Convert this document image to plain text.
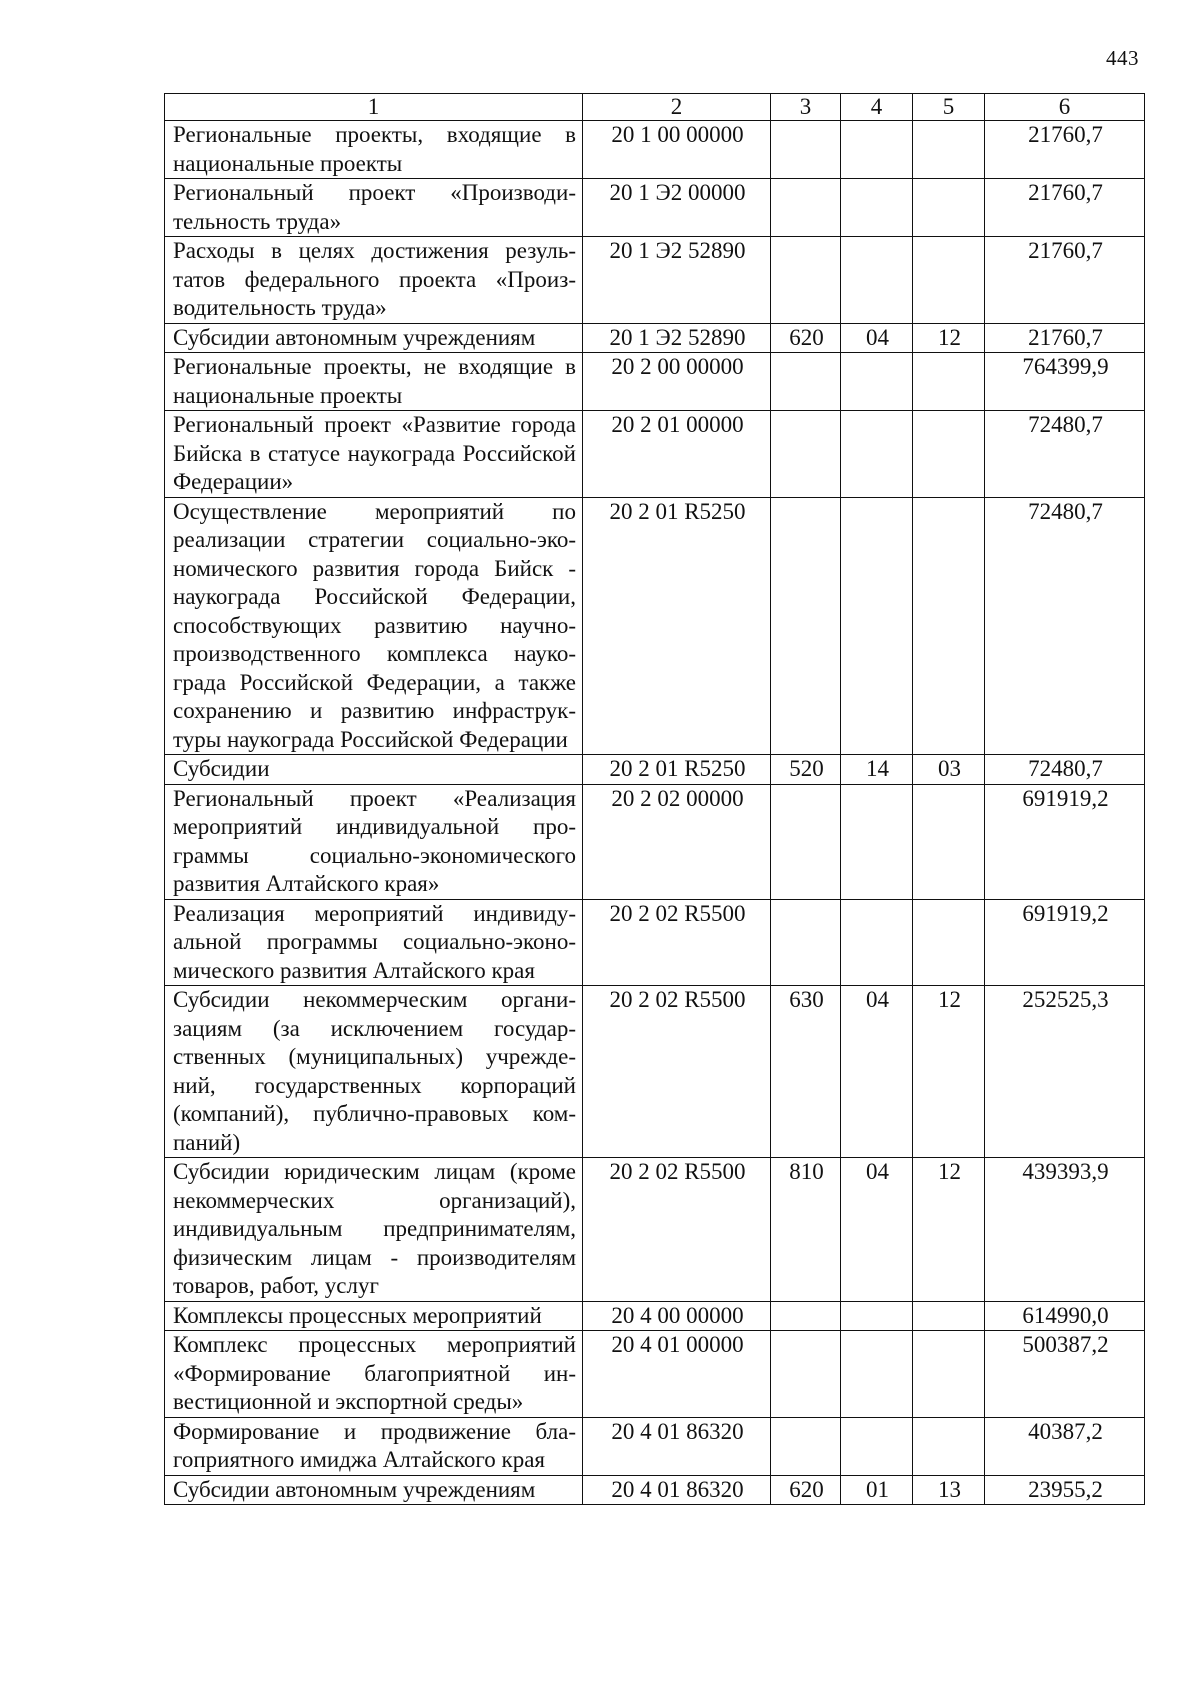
443
1	2	3	4	5	6
Региональные проекты, входящие в национальные проекты	20 1 00 00000				21760,7
Региональный проект «Производительность труда»	20 1 Э2 00000				21760,7
Расходы в целях достижения результатов федерального проекта «Производительность труда»	20 1 Э2 52890				21760,7
Субсидии автономным учреждениям	20 1 Э2 52890	620	04	12	21760,7
Региональные проекты, не входящие в национальные проекты	20 2 00 00000				764399,9
Региональный проект «Развитие города Бийска в статусе наукограда Российской Федерации»	20 2 01 00000				72480,7
Осуществление мероприятий по реализации стратегии социально-экономического развития города Бийск - наукограда Российской Федерации, способствующих развитию научно-производственного комплекса наукограда Российской Федерации, а также сохранению и развитию инфраструктуры наукограда Российской Федерации	20 2 01 R5250				72480,7
Субсидии	20 2 01 R5250	520	14	03	72480,7
Региональный проект «Реализация мероприятий индивидуальной программы социально-экономического развития Алтайского края»	20 2 02 00000				691919,2
Реализация мероприятий индивидуальной программы социально-экономического развития Алтайского края	20 2 02 R5500				691919,2
Субсидии некоммерческим организациям (за исключением государственных (муниципальных) учреждений, государственных корпораций (компаний), публично-правовых компаний)	20 2 02 R5500	630	04	12	252525,3
Субсидии юридическим лицам (кроме некоммерческих организаций), индивидуальным предпринимателям, физическим лицам - производителям товаров, работ, услуг	20 2 02 R5500	810	04	12	439393,9
Комплексы процессных мероприятий	20 4 00 00000				614990,0
Комплекс процессных мероприятий «Формирование благоприятной инвестиционной и экспортной среды»	20 4 01 00000				500387,2
Формирование и продвижение благоприятного имиджа Алтайского края	20 4 01 86320				40387,2
Субсидии автономным учреждениям	20 4 01 86320	620	01	13	23955,2
